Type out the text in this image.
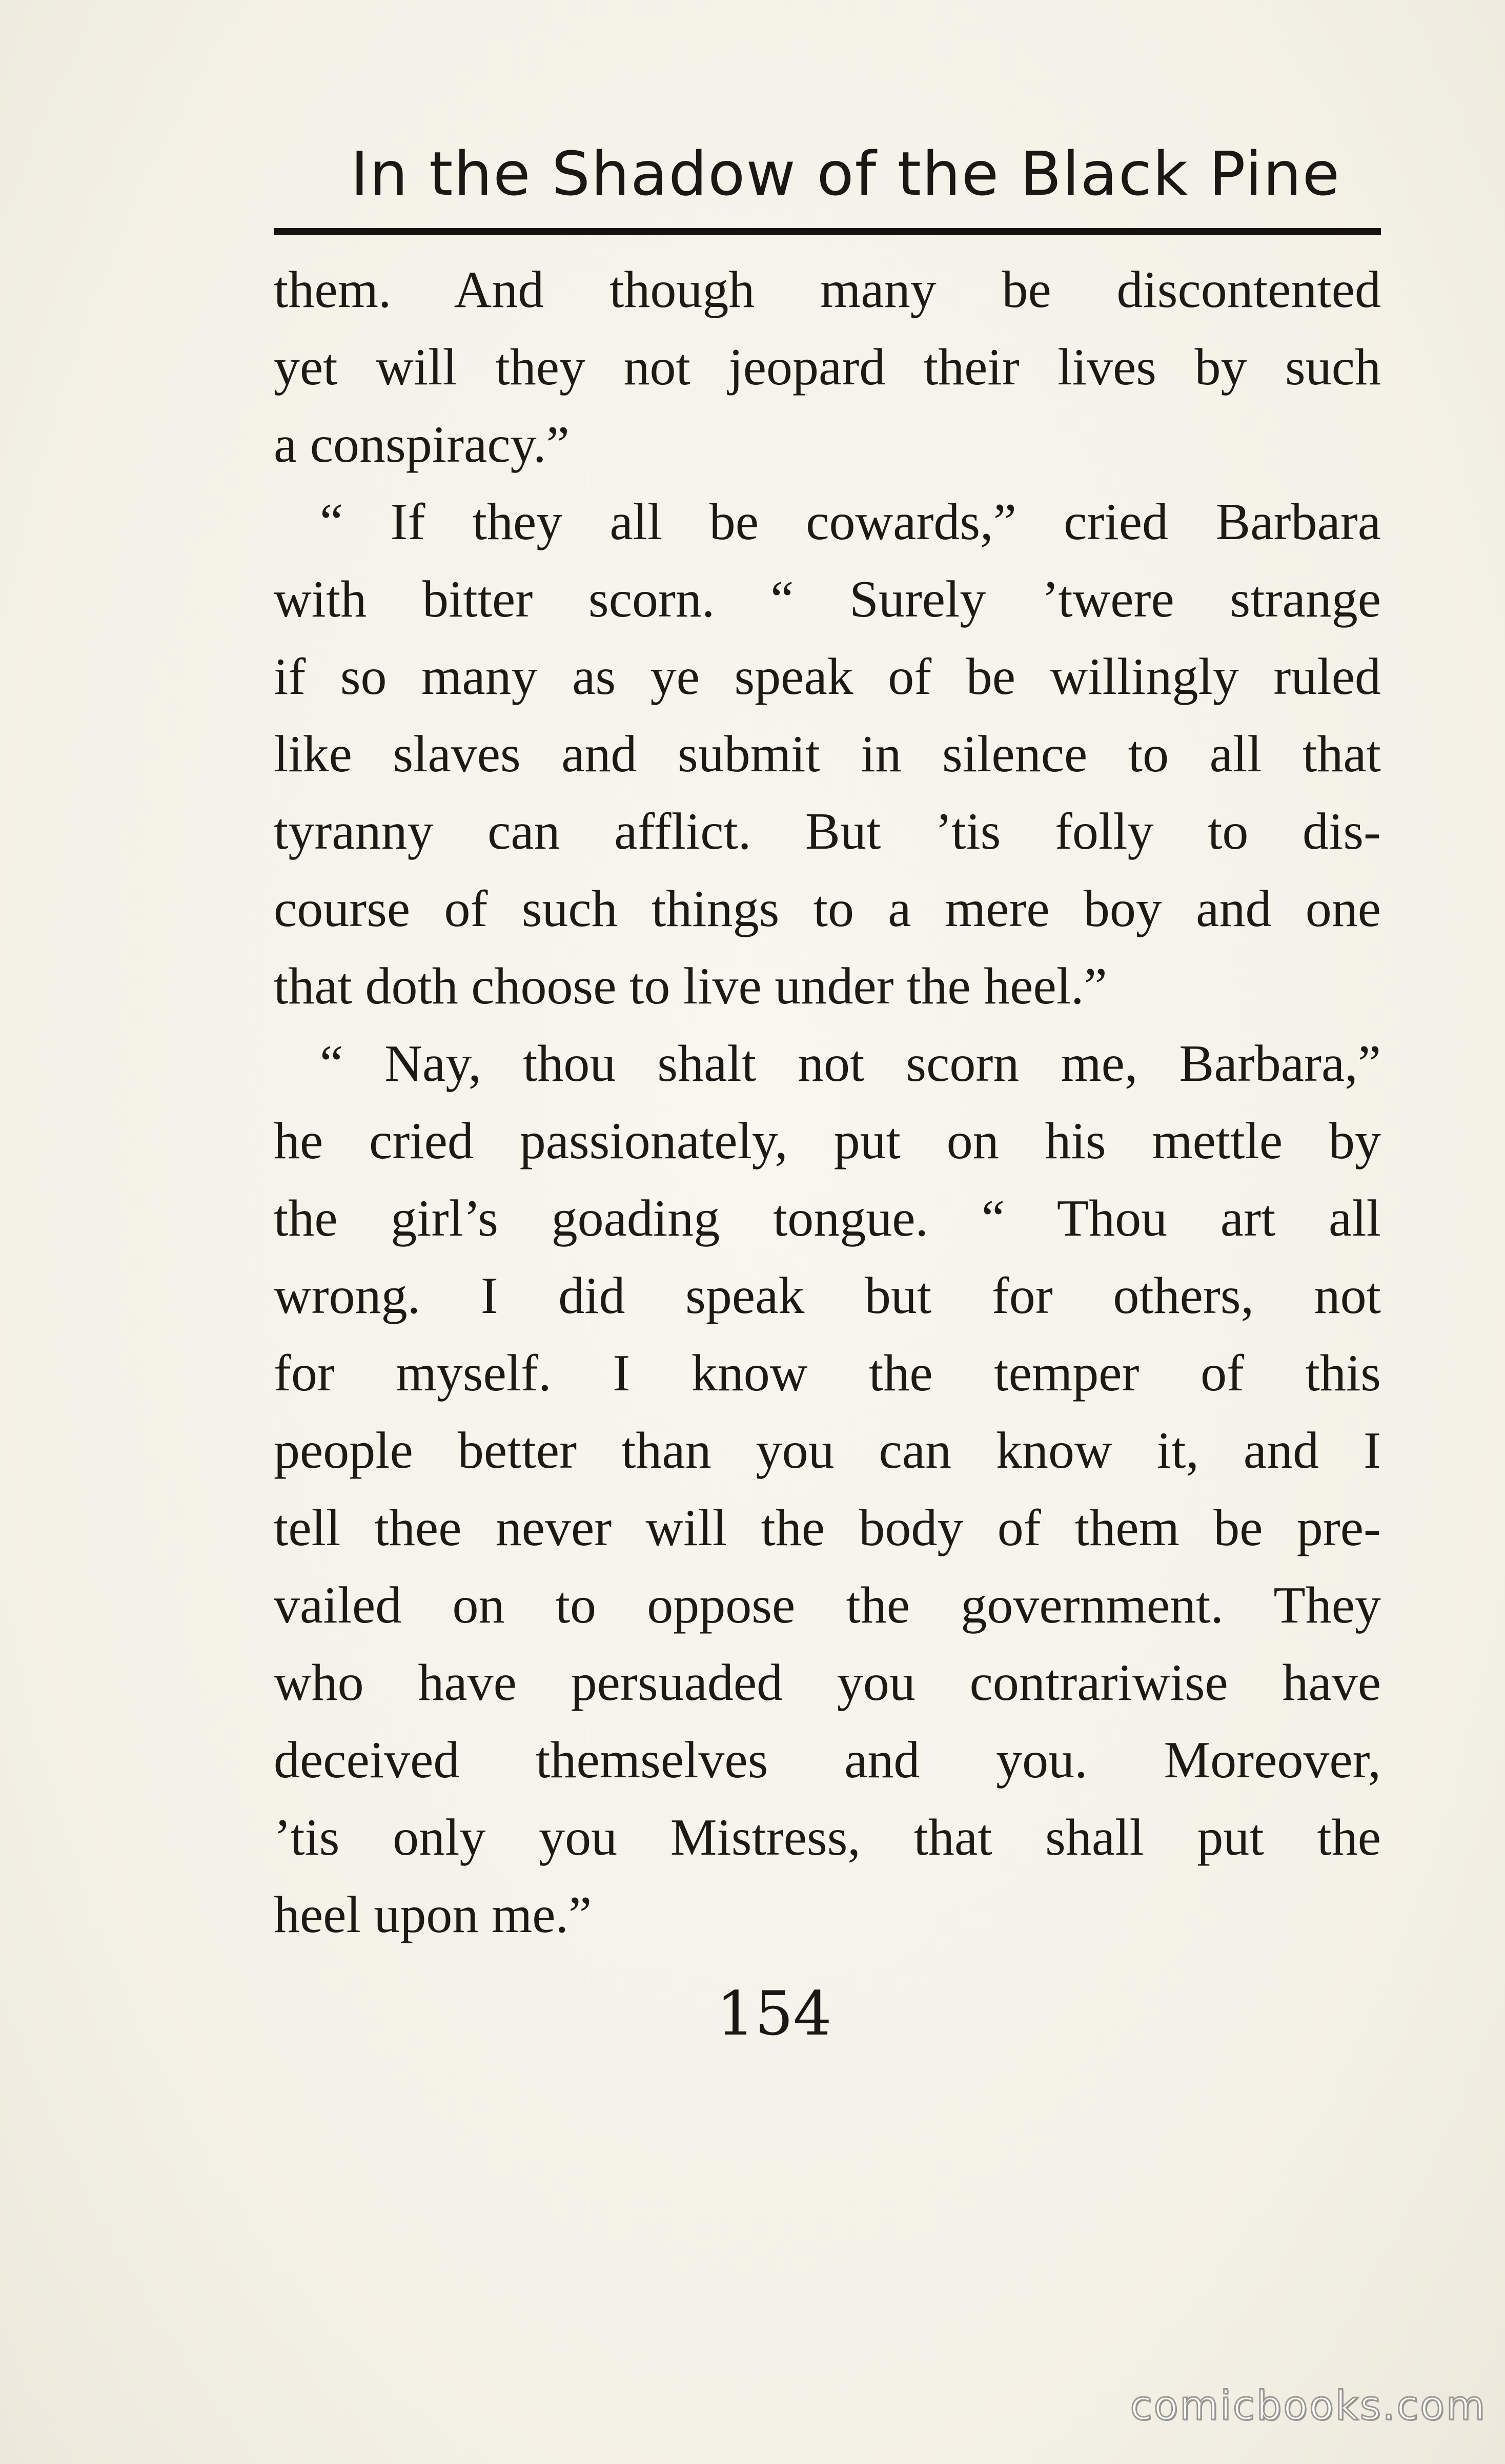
In the Shadow of the Black Pine
them. And though many be discontented
yet will they not jeopard their lives by such
a conspiracy.”
“ If they all be cowards,” cried Barbara
with bitter scorn. “ Surely ’twere strange
if so many as ye speak of be willingly ruled
like slaves and submit in silence to all that
tyranny can afflict. But ’tis folly to dis-
course of such things to a mere boy and one
that doth choose to live under the heel.”
“ Nay, thou shalt not scorn me, Barbara,”
he cried passionately, put on his mettle by
the girl’s goading tongue. “ Thou art all
wrong. I did speak but for others, not
for myself. I know the temper of this
people better than you can know it, and I
tell thee never will the body of them be pre-
vailed on to oppose the government. They
who have persuaded you contrariwise have
deceived themselves and you. Moreover,
’tis only you Mistress, that shall put the
heel upon me.”
154
comicbooks.com
